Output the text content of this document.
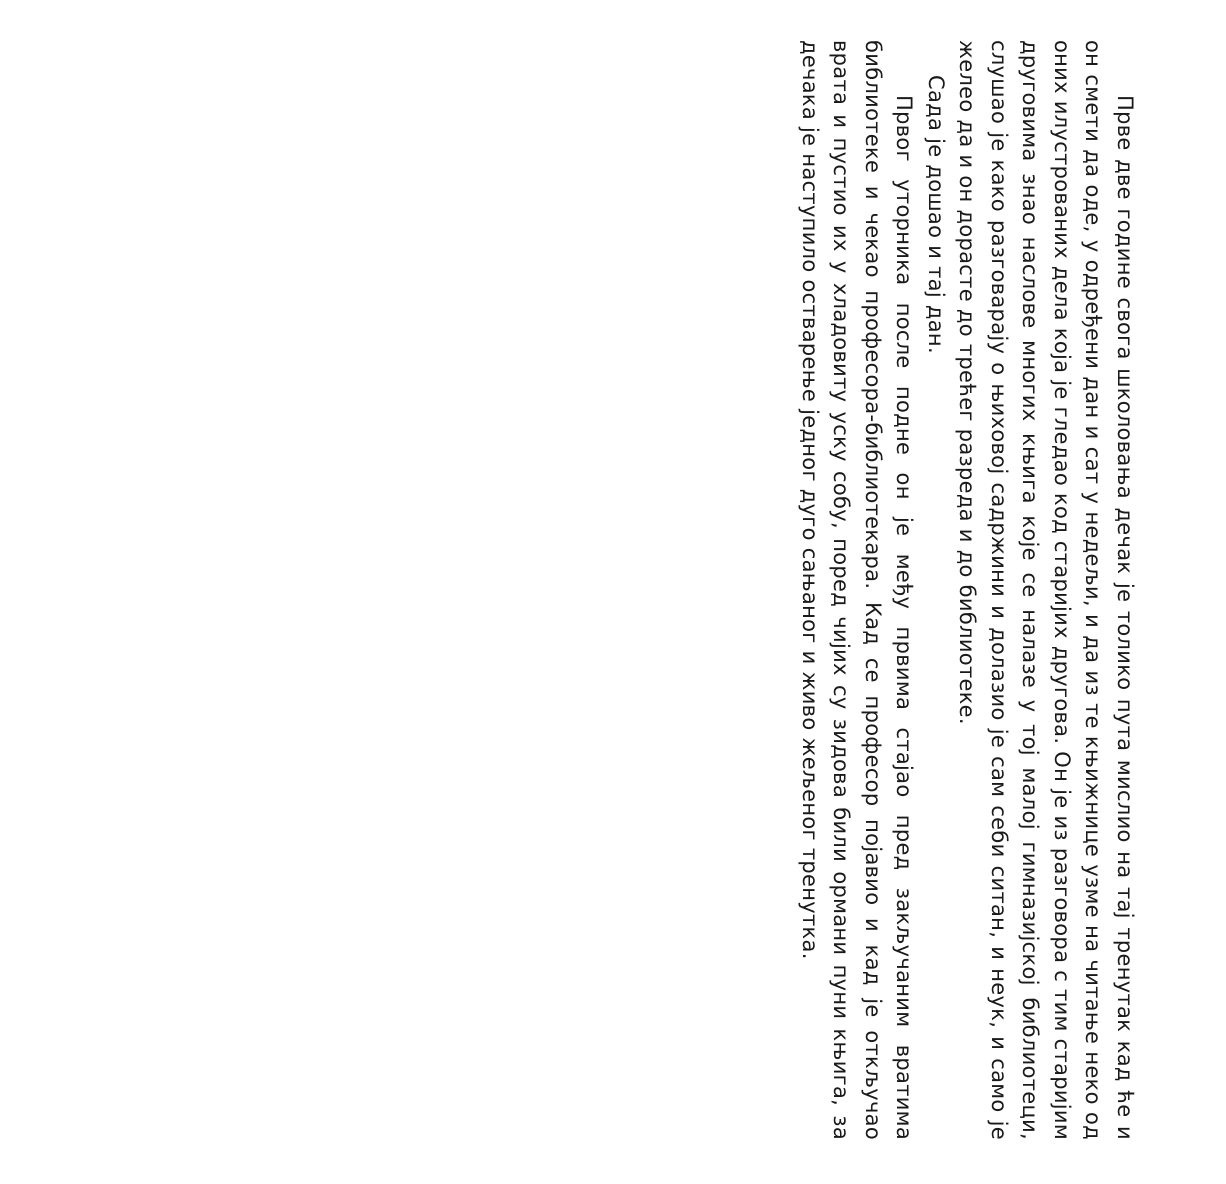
Прве две године свога школовања дечак је толико пута мислио на тај тренутак кад ће и он смети да оде, у одређени дан и сат у недељи, и да из те књижнице узме на читање неко од оних илустрованих дела која је гледао код старијих другова. Он је из разговора с тим старијим друговима знао наслове многих књига које се налазе у тој малој гимназијској библиотеци, слушао је како разговарају о њиховој садржини и долазио је сам себи ситан, и неук, и само је желео да и он дорасте до трећег разреда и до библиотеке.

Сада је дошао и тај дан.

Првог уторника после подне он је међу првима стајао пред закључаним вратима библиотеке и чекао професора-библиотекара. Кад се професор појавио и кад је откључао врата и пустио их у хладовиту уску собу, поред чијих су зидова били ормани пуни књига, за дечака је наступило остварење једног дуго сањаног и живо жељеног тренутка.
